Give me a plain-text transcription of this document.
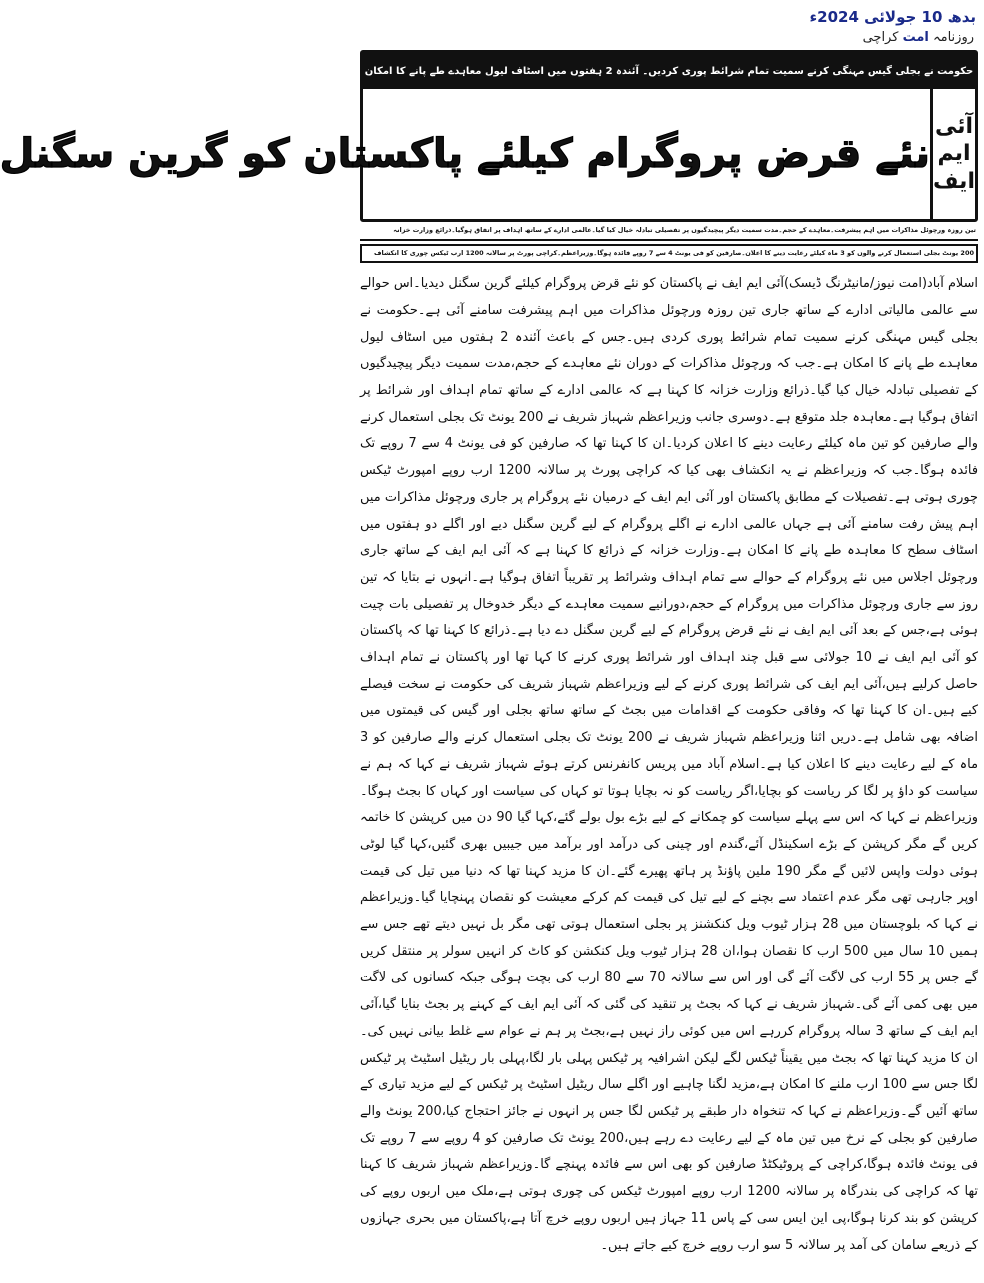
بدھ 10 جولائی 2024ء
روزنامہ امت کراچی
حکومت نے بجلی گیس مہنگی کرنے سمیت تمام شرائط پوری کردیں۔ آئندہ 2 ہفتوں میں اسٹاف لیول معاہدے طے پانے کا امکان
آئی
ایم
ایف
نئے قرض پروگرام کیلئے پاکستان کو گرین سگنل
تین روزہ ورچوئل مذاکرات میں اہم پیشرفت۔معاہدے کے حجم۔مدت سمیت دیگر پیچیدگیوں پر تفصیلی تبادلہ خیال کیا گیا۔عالمی ادارے کے ساتھ اہداف پر اتفاق ہوگیا۔ذرائع وزارت خزانہ
200 یونٹ بجلی استعمال کرنے والوں کو 3 ماہ کیلئے رعایت دینے کا اعلان۔صارفین کو فی یونٹ 4 سے 7 روپے فائدہ ہوگا۔وزیراعظم۔کراچی پورٹ پر سالانہ 1200 ارب ٹیکس چوری کا انکشاف

اسلام آباد(امت نیوز/مانیٹرنگ ڈیسک)آئی ایم ایف نے پاکستان کو نئے قرض پروگرام کیلئے گرین سگنل دیدیا۔اس حوالے سے عالمی مالیاتی ادارے کے ساتھ جاری تین روزہ ورچوئل مذاکرات میں اہم پیشرفت سامنے آئی ہے۔حکومت نے بجلی گیس مہنگی کرنے سمیت تمام شرائط پوری کردی ہیں۔جس کے باعث آئندہ 2 ہفتوں میں اسٹاف لیول معاہدے طے پانے کا امکان ہے۔جب کہ ورچوئل مذاکرات کے دوران نئے معاہدے کے حجم،مدت سمیت دیگر پیچیدگیوں کے تفصیلی تبادلہ خیال کیا گیا۔ذرائع وزارت خزانہ کا کہنا ہے کہ عالمی ادارے کے ساتھ تمام اہداف اور شرائط پر اتفاق ہوگیا ہے۔معاہدہ جلد متوقع ہے۔دوسری جانب وزیراعظم شہباز شریف نے 200 یونٹ تک بجلی استعمال کرنے والے صارفین کو تین ماہ کیلئے رعایت دینے کا اعلان کردیا۔ان کا کہنا تھا کہ صارفین کو فی یونٹ 4 سے 7 روپے تک فائدہ ہوگا۔جب کہ وزیراعظم نے یہ انکشاف بھی کیا کہ کراچی پورٹ پر سالانہ 1200 ارب روپے امپورٹ ٹیکس چوری ہوتی ہے۔تفصیلات کے مطابق پاکستان اور آئی ایم ایف کے درمیان نئے پروگرام پر جاری ورچوئل مذاکرات میں اہم پیش رفت سامنے آئی ہے جہاں عالمی ادارے نے اگلے پروگرام کے لیے گرین سگنل دیے اور اگلے دو ہفتوں میں اسٹاف سطح کا معاہدہ طے پانے کا امکان ہے۔وزارت خزانہ کے ذرائع کا کہنا ہے کہ آئی ایم ایف کے ساتھ جاری ورچوئل اجلاس میں نئے پروگرام کے حوالے سے تمام اہداف وشرائط پر تقریباً اتفاق ہوگیا ہے۔انہوں نے بتایا کہ تین روز سے جاری ورچوئل مذاکرات میں پروگرام کے حجم،دورانیے سمیت معاہدے کے دیگر خدوخال پر تفصیلی بات چیت ہوئی ہے،جس کے بعد آئی ایم ایف نے نئے قرض پروگرام کے لیے گرین سگنل دے دیا ہے۔ذرائع کا کہنا تھا کہ پاکستان کو آئی ایم ایف نے 10 جولائی سے قبل چند اہداف اور شرائط پوری کرنے کا کہا تھا اور پاکستان نے تمام اہداف حاصل کرلیے ہیں،آئی ایم ایف کی شرائط پوری کرنے کے لیے وزیراعظم شہباز شریف کی حکومت نے سخت فیصلے کیے ہیں۔ان کا کہنا تھا کہ وفاقی حکومت کے اقدامات میں بجٹ کے ساتھ ساتھ بجلی اور گیس کی قیمتوں میں اضافہ بھی شامل ہے۔دریں اثنا وزیراعظم شہباز شریف نے 200 یونٹ تک بجلی استعمال کرنے والے صارفین کو 3 ماہ کے لیے رعایت دینے کا اعلان کیا ہے۔اسلام آباد میں پریس کانفرنس کرتے ہوئے شہباز شریف نے کہا کہ ہم نے سیاست کو داؤ پر لگا کر ریاست کو بچایا،اگر ریاست کو نہ بچایا ہوتا تو کہاں کی سیاست اور کہاں کا بجٹ ہوگا۔وزیراعظم نے کہا کہ اس سے پہلے سیاست کو چمکانے کے لیے بڑے بول بولے گئے،کہا گیا 90 دن میں کرپشن کا خاتمہ کریں گے مگر کرپشن کے بڑے اسکینڈل آئے،گندم اور چینی کی درآمد اور برآمد میں جیبیں بھری گئیں،کہا گیا لوٹی ہوئی دولت واپس لائیں گے مگر 190 ملین پاؤنڈ پر ہاتھ پھیرے گئے۔ان کا مزید کہنا تھا کہ دنیا میں تیل کی قیمت اوپر جارہی تھی مگر عدم اعتماد سے بچنے کے لیے تیل کی قیمت کم کرکے معیشت کو نقصان پہنچایا گیا۔وزیراعظم نے کہا کہ بلوچستان میں 28 ہزار ٹیوب ویل کنکشنز پر بجلی استعمال ہوتی تھی مگر بل نہیں دیتے تھے جس سے ہمیں 10 سال میں 500 ارب کا نقصان ہوا،ان 28 ہزار ٹیوب ویل کنکشن کو کاٹ کر انہیں سولر پر منتقل کریں گے جس پر 55 ارب کی لاگت آئے گی اور اس سے سالانہ 70 سے 80 ارب کی بچت ہوگی جبکہ کسانوں کی لاگت میں بھی کمی آئے گی۔شہباز شریف نے کہا کہ بجٹ پر تنقید کی گئی کہ آئی ایم ایف کے کہنے پر بجٹ بنایا گیا،آئی ایم ایف کے ساتھ 3 سالہ پروگرام کررہے اس میں کوئی راز نہیں ہے،بجٹ پر ہم نے عوام سے غلط بیانی نہیں کی۔ان کا مزید کہنا تھا کہ بجٹ میں یقیناً ٹیکس لگے لیکن اشرافیہ پر ٹیکس پہلی بار لگا،پہلی بار ریٹیل اسٹیٹ پر ٹیکس لگا جس سے 100 ارب ملنے کا امکان ہے،مزید لگنا چاہیے اور اگلے سال ریٹیل اسٹیٹ پر ٹیکس کے لیے مزید تیاری کے ساتھ آئیں گے۔وزیراعظم نے کہا کہ تنخواہ دار طبقے پر ٹیکس لگا جس پر انہوں نے جائز احتجاج کیا،200 یونٹ والے صارفین کو بجلی کے نرخ میں تین ماہ کے لیے رعایت دے رہے ہیں،200 یونٹ تک صارفین کو 4 روپے سے 7 روپے تک فی یونٹ فائدہ ہوگا،کراچی کے پروٹیکٹڈ صارفین کو بھی اس سے فائدہ پہنچے گا۔وزیراعظم شہباز شریف کا کہنا تھا کہ کراچی کی بندرگاہ پر سالانہ 1200 ارب روپے امپورٹ ٹیکس کی چوری ہوتی ہے،ملک میں اربوں روپے کی کرپشن کو بند کرنا ہوگا،پی این ایس سی کے پاس 11 جہاز ہیں اربوں روپے خرچ آتا ہے،پاکستان میں بحری جہازوں کے ذریعے سامان کی آمد پر سالانہ 5 سو ارب روپے خرچ کیے جاتے ہیں۔
